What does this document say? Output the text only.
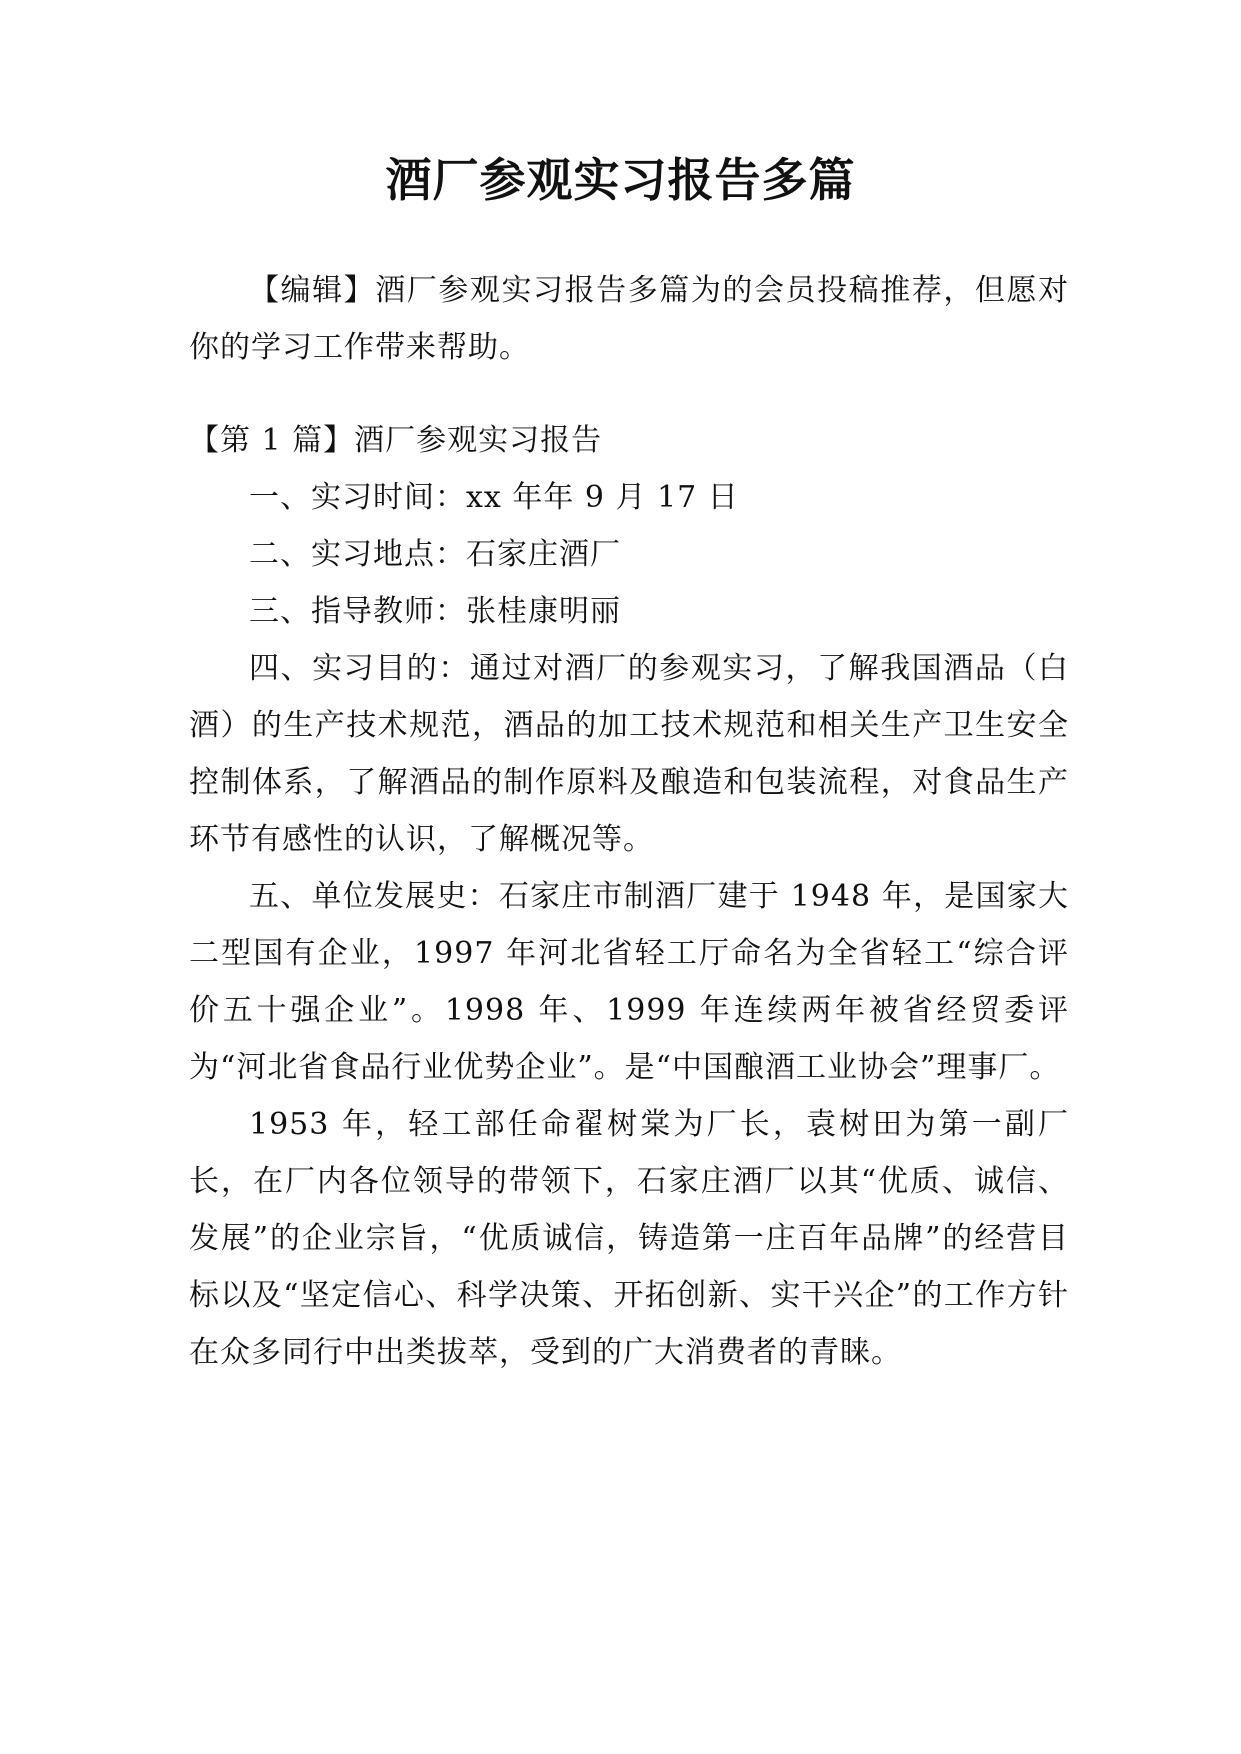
酒厂参观实习报告多篇

【编辑】酒厂参观实习报告多篇为的会员投稿推荐，但愿对你的学习工作带来帮助。

【第 1 篇】酒厂参观实习报告

一、实习时间：xx 年年 9 月 17 日

二、实习地点：石家庄酒厂

三、指导教师：张桂康明丽

四、实习目的：通过对酒厂的参观实习，了解我国酒品（白酒）的生产技术规范，酒品的加工技术规范和相关生产卫生安全控制体系，了解酒品的制作原料及酿造和包装流程，对食品生产环节有感性的认识，了解概况等。

五、单位发展史：石家庄市制酒厂建于 1948 年，是国家大二型国有企业，1997 年河北省轻工厅命名为全省轻工“综合评价五十强企业”。1998 年、1999 年连续两年被省经贸委评为“河北省食品行业优势企业”。是“中国酿酒工业协会”理事厂。

1953 年，轻工部任命翟树棠为厂长，袁树田为第一副厂长，在厂内各位领导的带领下，石家庄酒厂以其“优质、诚信、发展”的企业宗旨，“优质诚信，铸造第一庄百年品牌”的经营目标以及“坚定信心、科学决策、开拓创新、实干兴企”的工作方针在众多同行中出类拔萃，受到的广大消费者的青睐。
